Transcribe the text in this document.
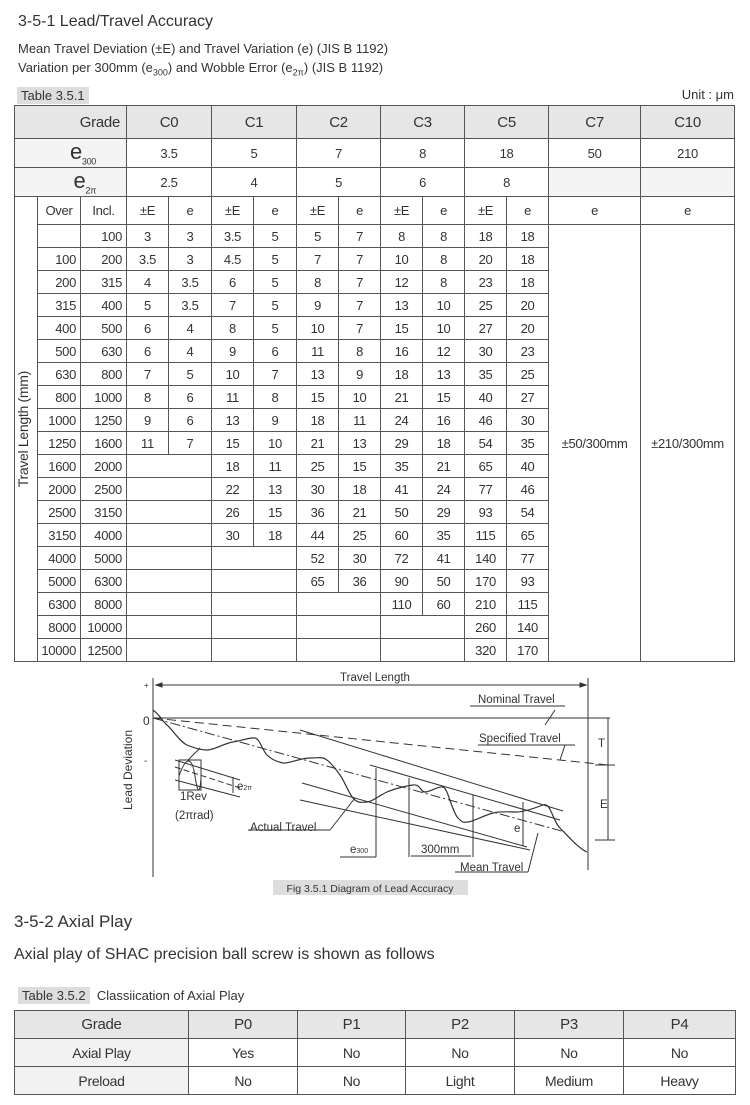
3-5-1 Lead/Travel Accuracy
Mean Travel Deviation (±E) and Travel Variation (e) (JIS B 1192)
Variation per 300mm $(e_{300})$ and Wobble Error $(e_{2\pi})$ (JIS B 1192)
Table 3.5.1	Unit : μm
Grade			C0		C1		C2		C3		C5		C7	C10
$e_{300}$			3.5		5		7		8		18		50	210
$e_{2\pi}$			2.5		4		5		6		8			

Travel Length (mm)	Over	Incl.	±E	e	±E	e	±E	e	±E	e	±E	e	e	e
		100	3	3	3.5	5	5	7	8	8	18	18	±50/300mm	±210/300mm
	100	200	3.5	3	4.5	5	7	7	10	8	20	18		
	200	315	4	3.5	6	5	8	7	12	8	23	18		
	315	400	5	3.5	7	5	9	7	13	10	25	20		
	400	500	6	4	8	5	10	7	15	10	27	20		
	500	630	6	4	9	6	11	8	16	12	30	23		
	630	800	7	5	10	7	13	9	18	13	35	25		
	800	1000	8	6	11	8	15	10	21	15	40	27		
	1000	1250	9	6	13	9	18	11	24	16	46	30		
	1250	1600	11	7	15	10	21	13	29	18	54	35		
	1600	2000			18	11	25	15	35	21	65	40		
	2000	2500			22	13	30	18	41	24	77	46		
	2500	3150			26	15	36	21	50	29	93	54		
	3150	4000			30	18	44	25	60	35	115	65		
	4000	5000					52	30	72	41	140	77		
	5000	6300					65	36	90	50	170	93		
	6300	8000							110	60	210	115		
	8000	10000									260	140		
	10000	12500									320	170		
Travel Length
Nominal Travel
Specified Travel
Actual Travel
Mean Travel
300mm
e300
e2π
1Rev
(2πrad)
e
T
E
0
+
-
Lead Deviation
Fig 3.5.1 Diagram of Lead Accuracy
3-5-2 Axial Play
Axial play of SHAC precision ball screw is shown as follows
Table 3.5.2 Classiication of Axial Play
Grade	P0	P1	P2	P3	P4
Axial Play	Yes	No	No	No	No
Preload	No	No	Light	Medium	Heavy
